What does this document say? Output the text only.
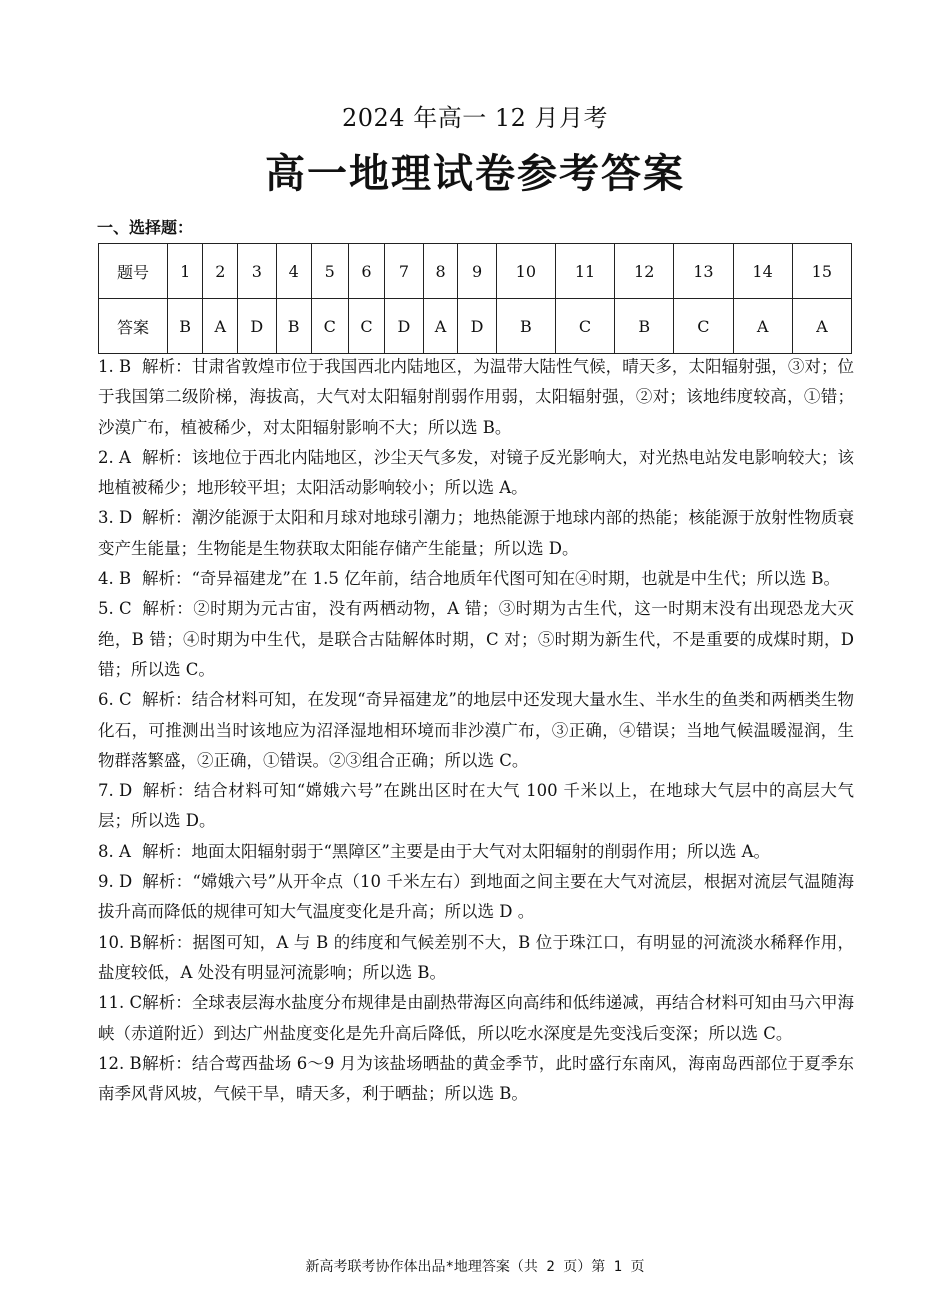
2024 年高一 12 月月考
高一地理试卷参考答案
一、选择题：
题号	1	2	3	4	5	6	7	8	9	10	11	12	13	14	15
答案	B	A	D	B	C	C	D	A	D	B	C	B	C	A	A

1. B 解析：甘肃省敦煌市位于我国西北内陆地区，为温带大陆性气候，晴天多，太阳辐射强，③对；位于我国第二级阶梯，海拔高，大气对太阳辐射削弱作用弱，太阳辐射强，②对；该地纬度较高，①错；沙漠广布，植被稀少，对太阳辐射影响不大；所以选 B。

2. A 解析：该地位于西北内陆地区，沙尘天气多发，对镜子反光影响大，对光热电站发电影响较大；该地植被稀少；地形较平坦；太阳活动影响较小；所以选 A。

3. D 解析：潮汐能源于太阳和月球对地球引潮力；地热能源于地球内部的热能；核能源于放射性物质衰变产生能量；生物能是生物获取太阳能存储产生能量；所以选 D。

4. B 解析：“奇异福建龙”在 1.5 亿年前，结合地质年代图可知在④时期，也就是中生代；所以选 B。

5. C 解析：②时期为元古宙，没有两栖动物，A 错；③时期为古生代，这一时期末没有出现恐龙大灭绝，B 错；④时期为中生代，是联合古陆解体时期，C 对；⑤时期为新生代，不是重要的成煤时期，D 错；所以选 C。

6. C 解析：结合材料可知，在发现“奇异福建龙”的地层中还发现大量水生、半水生的鱼类和两栖类生物化石，可推测出当时该地应为沼泽湿地相环境而非沙漠广布，③正确，④错误；当地气候温暖湿润，生物群落繁盛，②正确，①错误。②③组合正确；所以选 C。

7. D 解析：结合材料可知“嫦娥六号”在跳出区时在大气 100 千米以上，在地球大气层中的高层大气层；所以选 D。

8. A 解析：地面太阳辐射弱于“黑障区”主要是由于大气对太阳辐射的削弱作用；所以选 A。

9. D 解析：“嫦娥六号”从开伞点（10 千米左右）到地面之间主要在大气对流层，根据对流层气温随海拔升高而降低的规律可知大气温度变化是升高；所以选 D 。

10. B解析：据图可知，A 与 B 的纬度和气候差别不大，B 位于珠江口，有明显的河流淡水稀释作用，盐度较低，A 处没有明显河流影响；所以选 B。

11. C解析：全球表层海水盐度分布规律是由副热带海区向高纬和低纬递减，再结合材料可知由马六甲海峡（赤道附近）到达广州盐度变化是先升高后降低，所以吃水深度是先变浅后变深；所以选 C。

12. B解析：结合莺西盐场 6～9 月为该盐场晒盐的黄金季节，此时盛行东南风，海南岛西部位于夏季东南季风背风坡，气候干旱，晴天多，利于晒盐；所以选 B。

新高考联考协作体出品*地理答案（共 2 页）第 1 页
